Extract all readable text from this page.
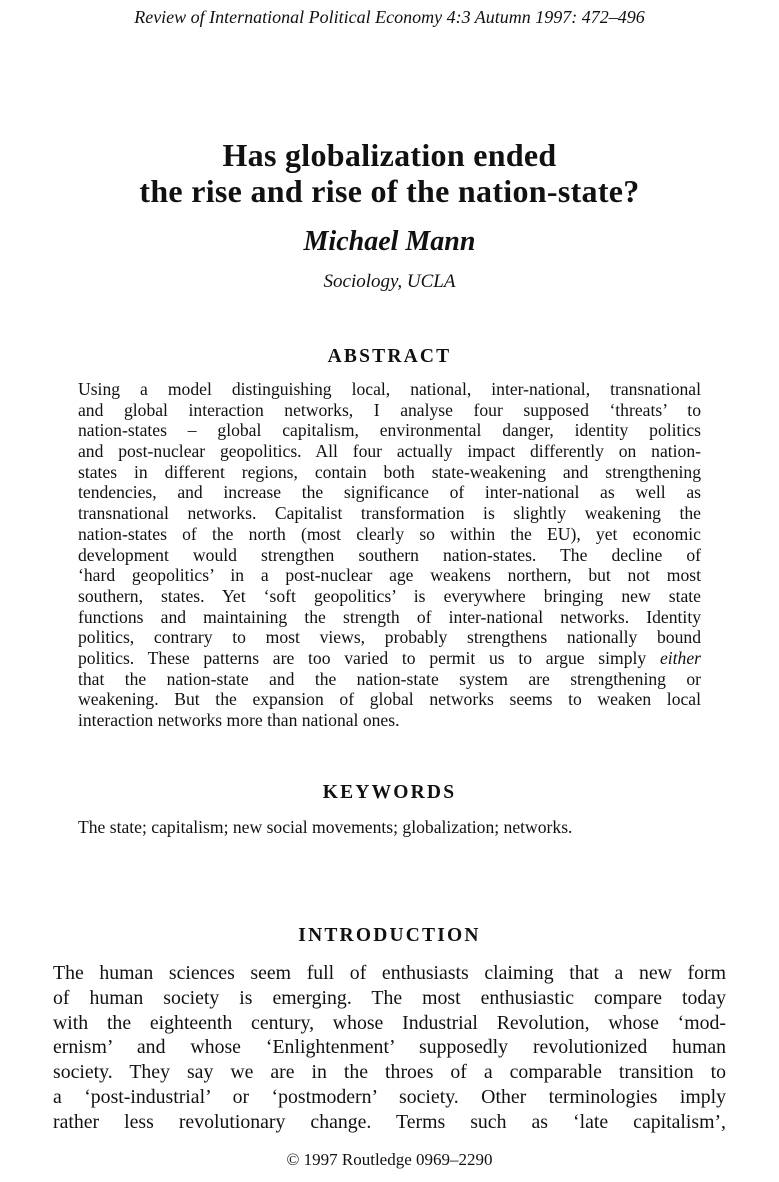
Review of International Political Economy 4:3 Autumn 1997: 472–496
Has globalization ended
the rise and rise of the nation-state?
Michael Mann
Sociology, UCLA
ABSTRACT
Using a model distinguishing local, national, inter-national, transnational
and global interaction networks, I analyse four supposed ‘threats’ to
nation-states – global capitalism, environmental danger, identity politics
and post-nuclear geopolitics. All four actually impact differently on nation-
states in different regions, contain both state-weakening and strengthening
tendencies, and increase the significance of inter-national as well as
transnational networks. Capitalist transformation is slightly weakening the
nation-states of the north (most clearly so within the EU), yet economic
development would strengthen southern nation-states. The decline of
‘hard geopolitics’ in a post-nuclear age weakens northern, but not most
southern, states. Yet ‘soft geopolitics’ is everywhere bringing new state
functions and maintaining the strength of inter-national networks. Identity
politics, contrary to most views, probably strengthens nationally bound
politics. These patterns are too varied to permit us to argue simply either
that the nation-state and the nation-state system are strengthening or
weakening. But the expansion of global networks seems to weaken local
interaction networks more than national ones.
KEYWORDS
The state; capitalism; new social movements; globalization; networks.
INTRODUCTION
The human sciences seem full of enthusiasts claiming that a new form
of human society is emerging. The most enthusiastic compare today
with the eighteenth century, whose Industrial Revolution, whose ‘mod-
ernism’ and whose ‘Enlightenment’ supposedly revolutionized human
society. They say we are in the throes of a comparable transition to
a ‘post-industrial’ or ‘postmodern’ society. Other terminologies imply
rather less revolutionary change. Terms such as ‘late capitalism’,
© 1997 Routledge 0969–2290
